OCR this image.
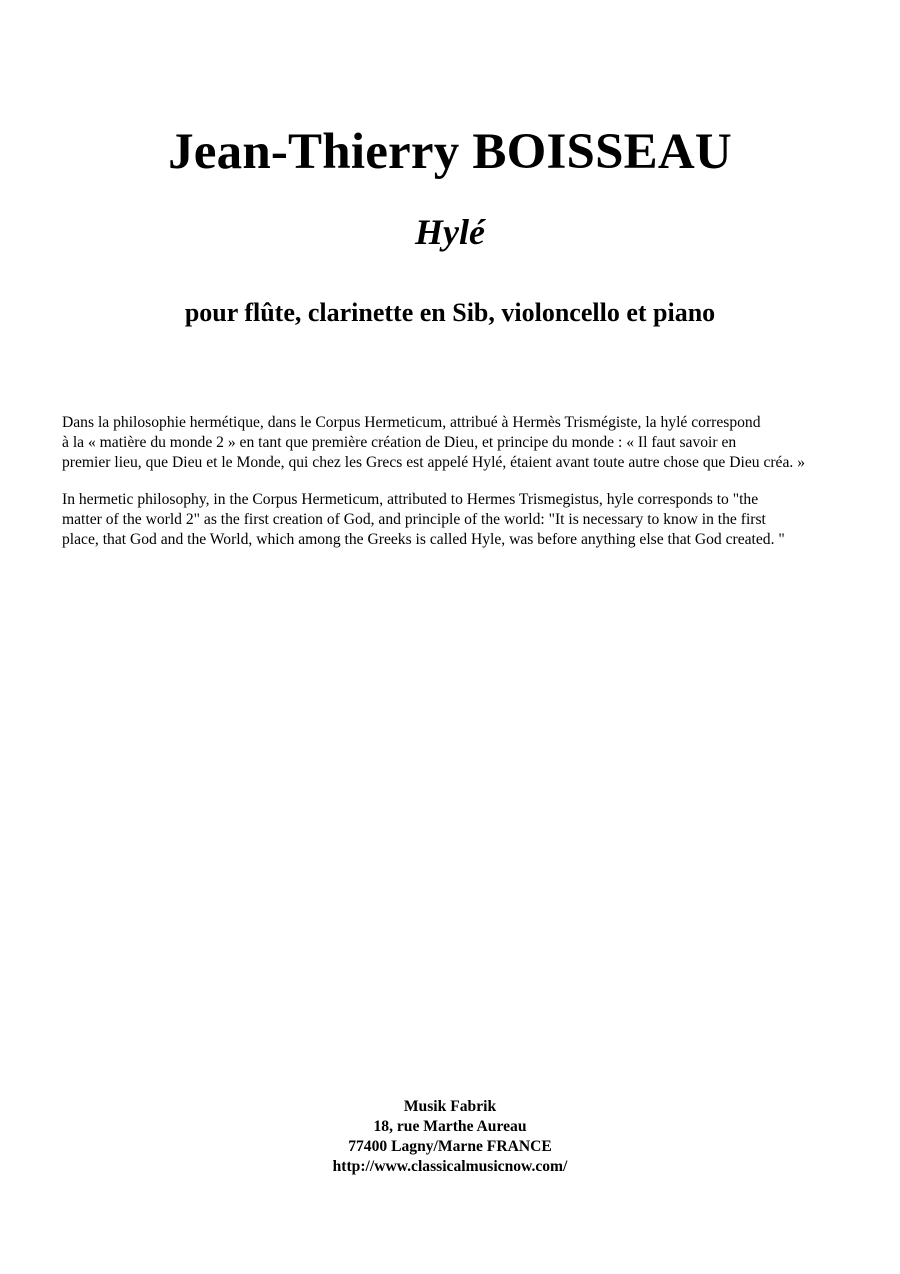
Jean-Thierry BOISSEAU
Hylé
pour flûte, clarinette en Sib, violoncello et piano

Dans la philosophie hermétique, dans le Corpus Hermeticum, attribué à Hermès Trismégiste, la hylé correspond
à la « matière du monde 2 » en tant que première création de Dieu, et principe du monde : « Il faut savoir en
premier lieu, que Dieu et le Monde, qui chez les Grecs est appelé Hylé, étaient avant toute autre chose que Dieu créa. »

In hermetic philosophy, in the Corpus Hermeticum, attributed to Hermes Trismegistus, hyle corresponds to "the
matter of the world 2" as the first creation of God, and principle of the world: "It is necessary to know in the first
place, that God and the World, which among the Greeks is called Hyle, was before anything else that God created. "

Musik Fabrik
18, rue Marthe Aureau
77400 Lagny/Marne FRANCE
http://www.classicalmusicnow.com/
